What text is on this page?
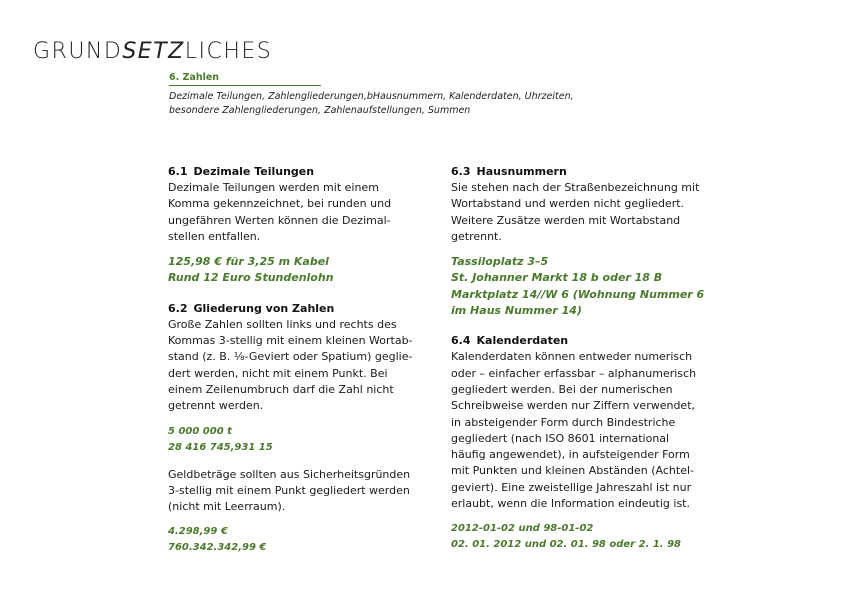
GRUNDSETZLICHES
6. Zahlen
Dezimale Teilungen, Zahlengliederungen,bHausnummern, Kalenderdaten, Uhrzeiten,
besondere Zahlengliederungen, Zahlenaufstellungen, Summen
6.1 Dezimale Teilungen
Dezimale Teilungen werden mit einem
Komma gekennzeichnet, bei runden und
ungefähren Werten können die Dezimal-
stellen entfallen.
125,98 € für 3,25 m Kabel
Rund 12 Euro Stundenlohn
6.2 Gliederung von Zahlen
Große Zahlen sollten links und rechts des
Kommas 3-stellig mit einem kleinen Wortab-
stand (z. B. ⅛-Geviert oder Spatium) geglie-
dert werden, nicht mit einem Punkt. Bei
einem Zeilenumbruch darf die Zahl nicht
getrennt werden.
5 000 000 t
28 416 745,931 15
Geldbeträge sollten aus Sicherheitsgründen
3-stellig mit einem Punkt gegliedert werden
(nicht mit Leerraum).
4.298,99 €
760.342.342,99 €
6.3 Hausnummern
Sie stehen nach der Straßenbezeichnung mit
Wortabstand und werden nicht gegliedert.
Weitere Zusätze werden mit Wortabstand
getrennt.
Tassiloplatz 3–5
St. Johanner Markt 18 b oder 18 B
Marktplatz 14//W 6 (Wohnung Nummer 6
im Haus Nummer 14)
6.4 Kalenderdaten
Kalenderdaten können entweder numerisch
oder – einfacher erfassbar – alphanumerisch
gegliedert werden. Bei der numerischen
Schreibweise werden nur Ziffern verwendet,
in absteigender Form durch Bindestriche
gegliedert (nach ISO 8601 international
häufig angewendet), in aufsteigender Form
mit Punkten und kleinen Abständen (Achtel-
geviert). Eine zweistellige Jahreszahl ist nur
erlaubt, wenn die Information eindeutig ist.
2012-01-02 und 98-01-02
02. 01. 2012 und 02. 01. 98 oder 2. 1. 98
